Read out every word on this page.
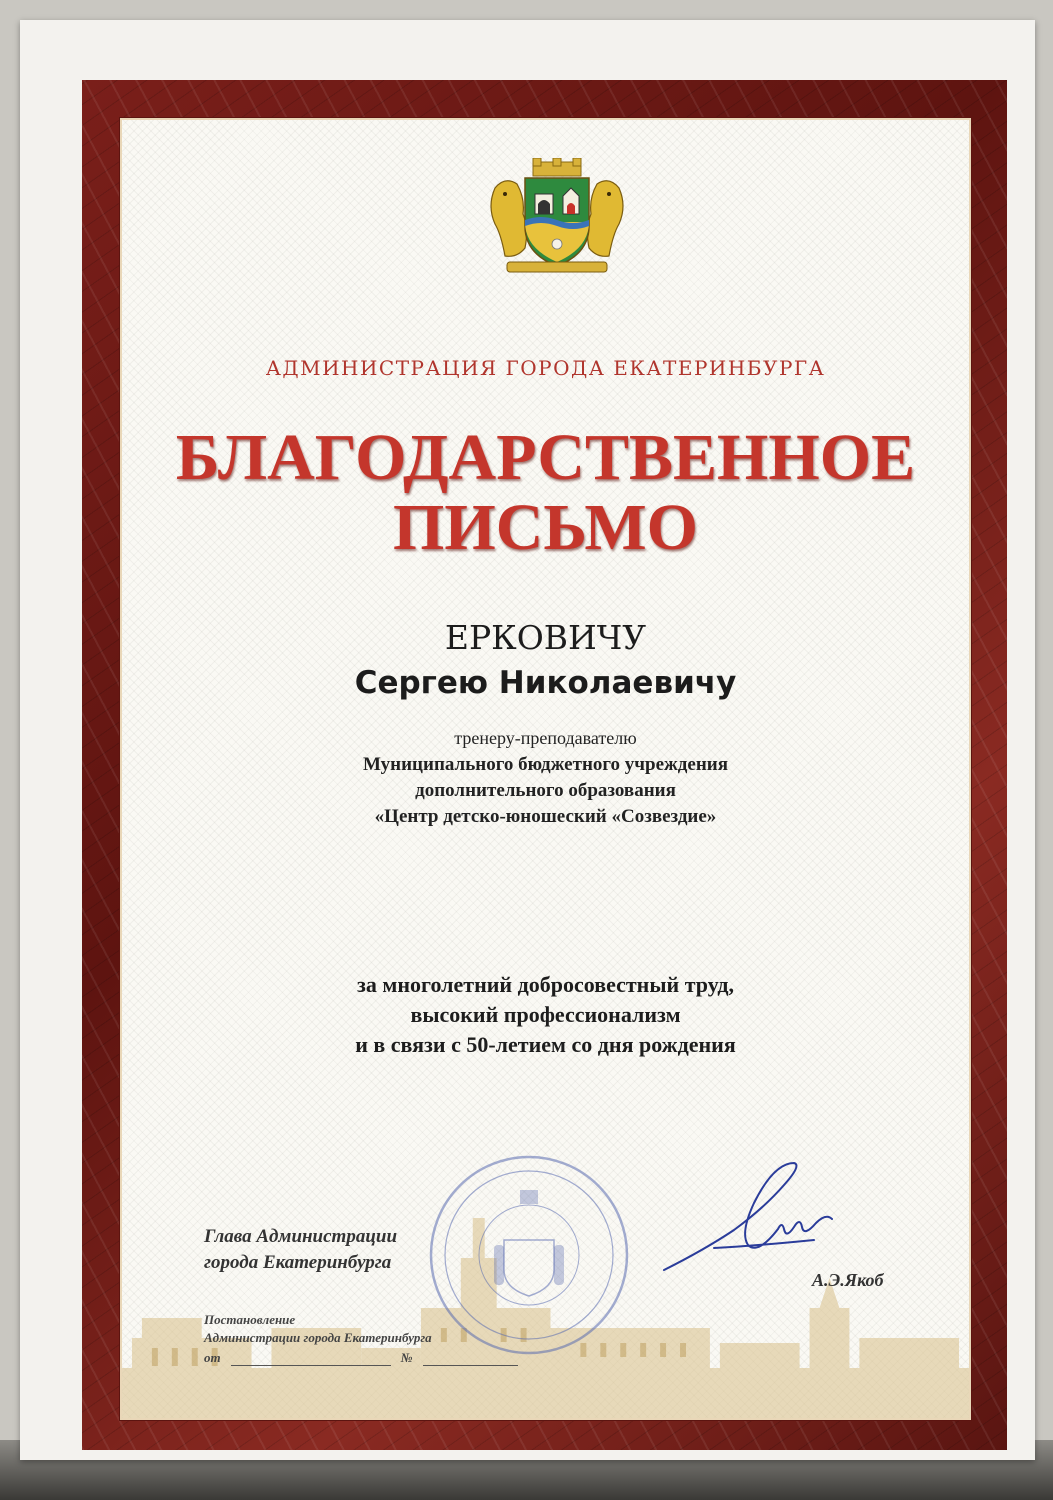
АДМИНИСТРАЦИЯ ГОРОДА ЕКАТЕРИНБУРГА
БЛАГОДАРСТВЕННОЕ
ПИСЬМО
ЕРКОВИЧУ
Сергею Николаевичу
тренеру-преподавателю
Муниципального бюджетного учреждения
дополнительного образования
«Центр детско-юношеский «Созвездие»
за многолетний добросовестный труд,
высокий профессионализм
и в связи с 50-летием со дня рождения
Глава Администрации
города Екатеринбурга
А.Э.Якоб
Постановление
Администрации города Екатеринбурга
от	№
